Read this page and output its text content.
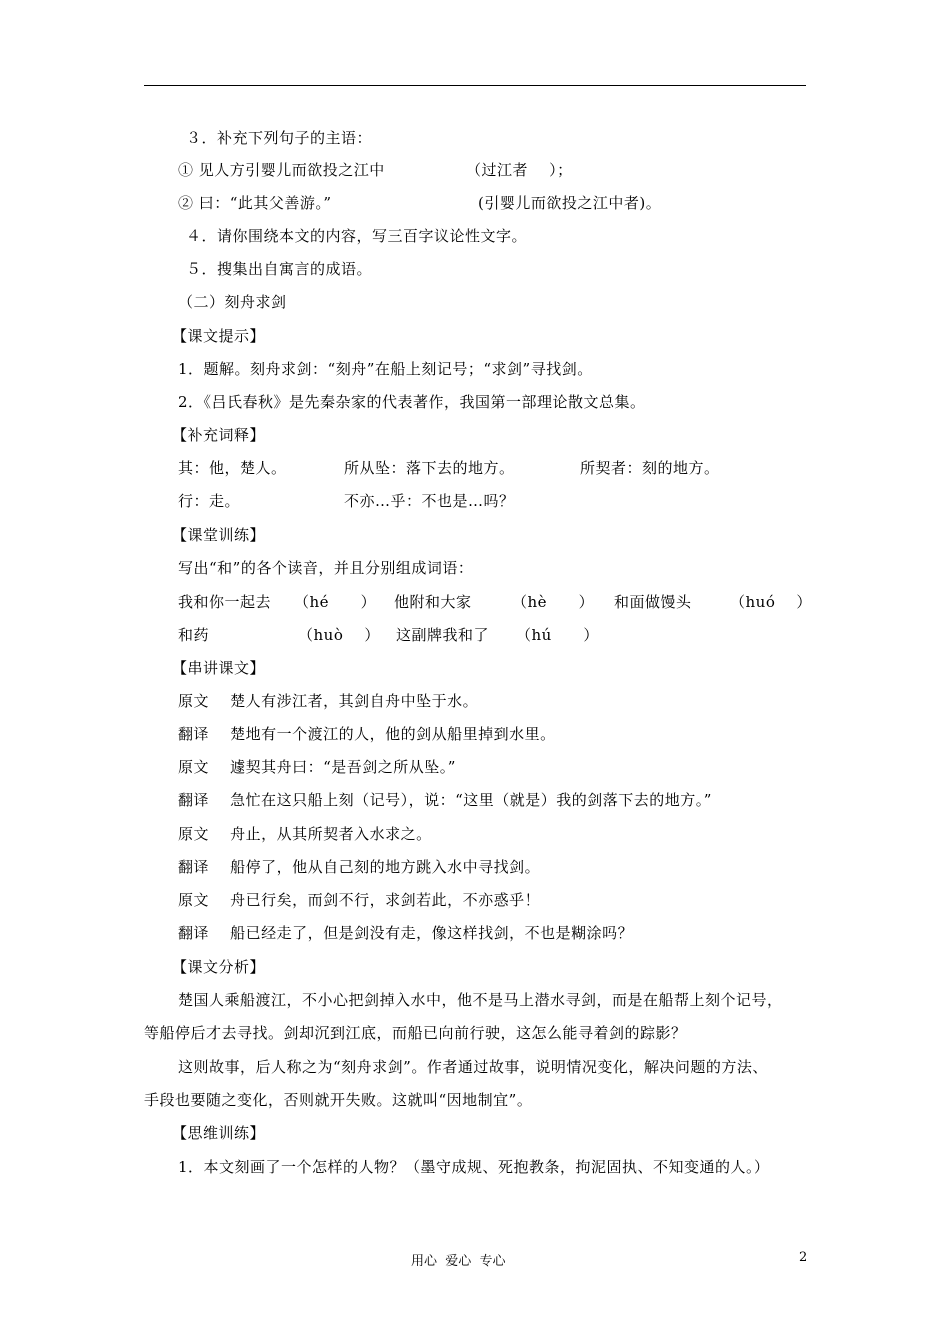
３．补充下列句子的主语：
① 见人方引婴儿而欲投之江中	（过江者    ）；
② 曰：“此其父善游。”	(引婴儿而欲投之江中者)。
４．请你围绕本文的内容，写三百字议论性文字。
５．搜集出自寓言的成语。
（二）刻舟求剑
【课文提示】
1．题解。刻舟求剑：“刻舟”在船上刻记号；“求剑”寻找剑。
2．《吕氏春秋》是先秦杂家的代表著作，我国第一部理论散文总集。
【补充词释】
其：他，楚人。	所从坠：落下去的地方。	所契者：刻的地方。
行：走。	不亦…乎：不也是…吗？
【课堂训练】
写出“和”的各个读音，并且分别组成词语：
我和你一起去 （hé      ） 他附和大家	（hè      ） 和面做馒头	（huó    ）
和药	（huò    ） 这副牌我和了 （hú      ）
【串讲课文】
原文    楚人有涉江者，其剑自舟中坠于水。
翻译    楚地有一个渡江的人，他的剑从船里掉到水里。
原文    遽契其舟曰：“是吾剑之所从坠。”
翻译    急忙在这只船上刻（记号），说：“这里（就是）我的剑落下去的地方。”
原文    舟止，从其所契者入水求之。
翻译    船停了，他从自己刻的地方跳入水中寻找剑。
原文    舟已行矣，而剑不行，求剑若此，不亦惑乎！
翻译    船已经走了，但是剑没有走，像这样找剑，不也是糊涂吗？
【课文分析】
楚国人乘船渡江，不小心把剑掉入水中，他不是马上潜水寻剑，而是在船帮上刻个记号，
等船停后才去寻找。剑却沉到江底，而船已向前行驶，这怎么能寻着剑的踪影？
这则故事，后人称之为“刻舟求剑”。作者通过故事，说明情况变化，解决问题的方法、
手段也要随之变化，否则就开失败。这就叫“因地制宜”。
【思维训练】
1．本文刻画了一个怎样的人物？（墨守成规、死抱教条，拘泥固执、不知变通的人。）
用心  爱心  专心	2
